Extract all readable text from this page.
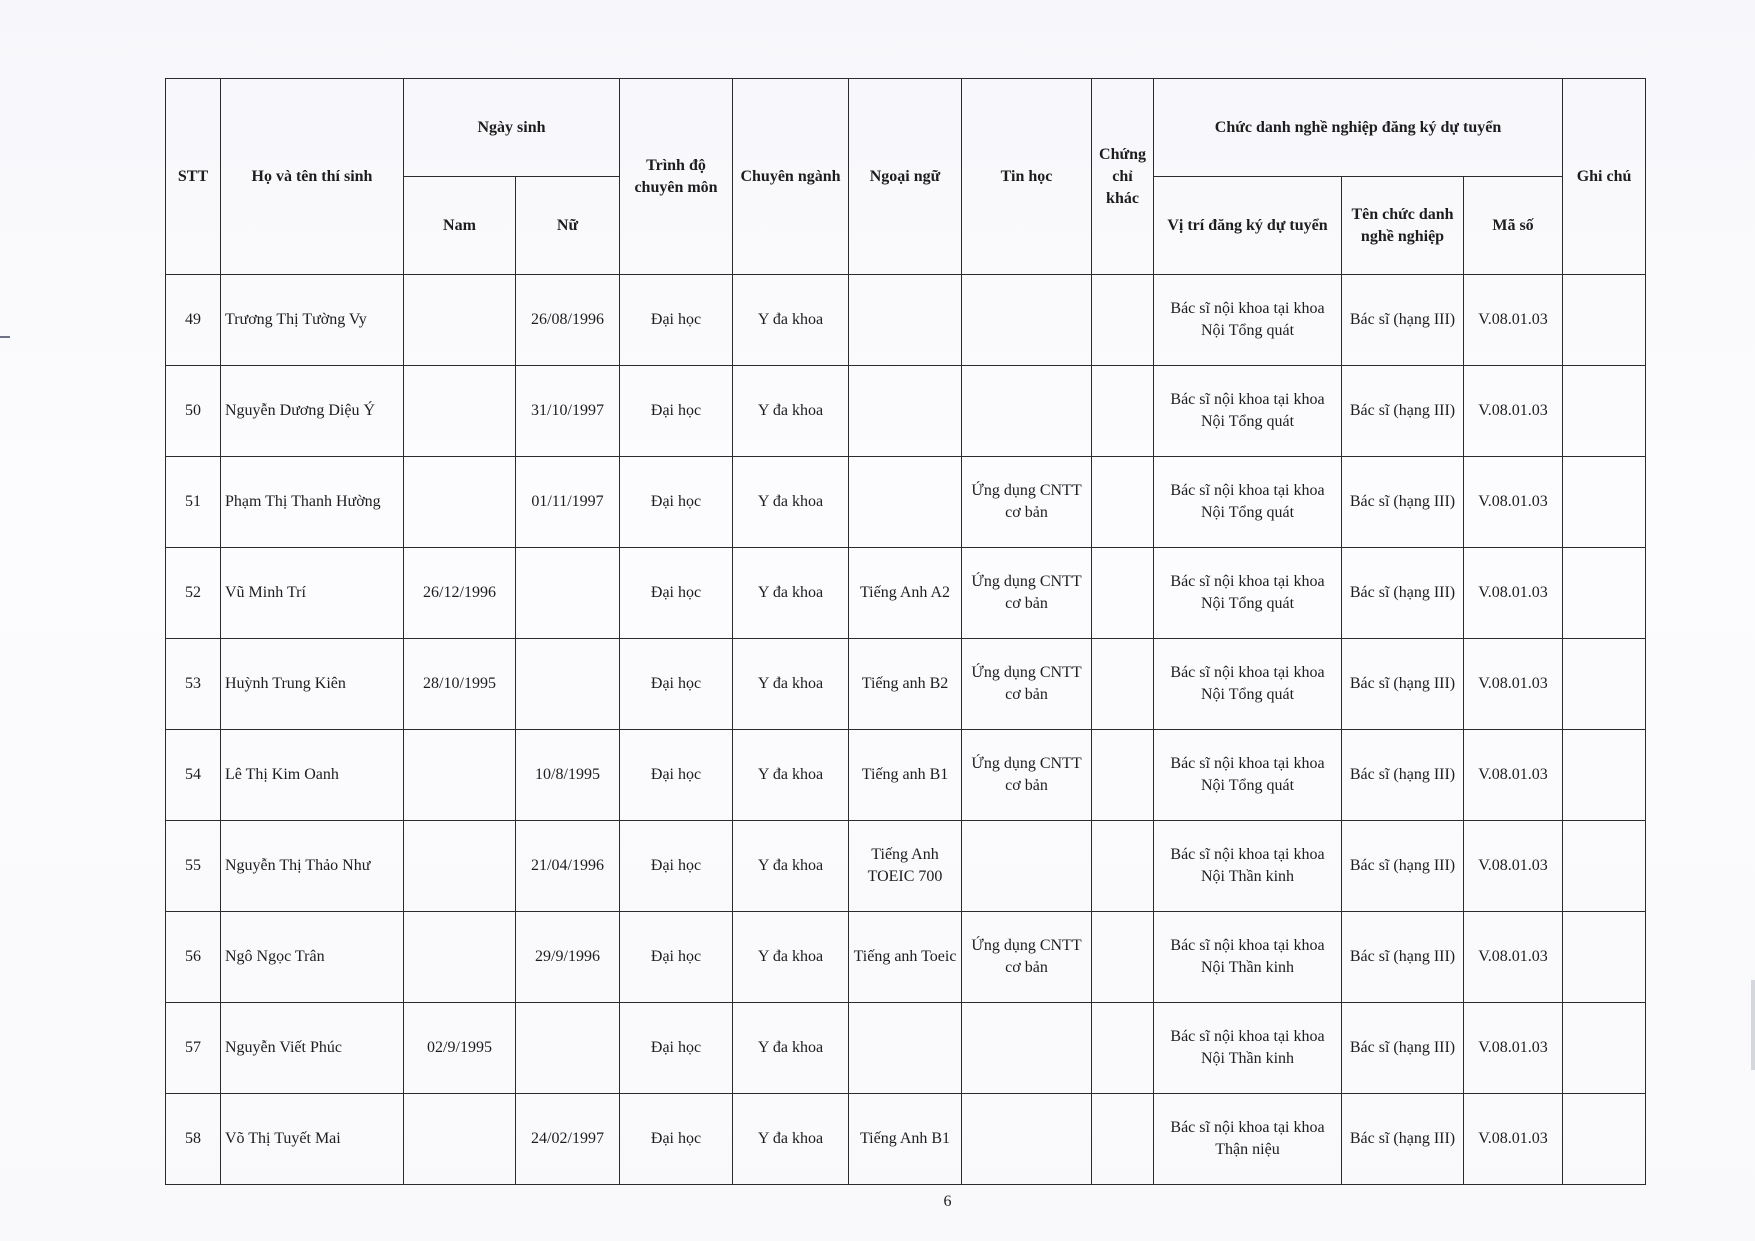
STT	Họ và tên thí sinh	Ngày sinh		Trình độ chuyên môn	Chuyên ngành	Ngoại ngữ	Tin học	Chứng chỉ khác	Chức danh nghề nghiệp đăng ký dự tuyển			Ghi chú
		Nam	Nữ						Vị trí đăng ký dự tuyển	Tên chức danh nghề nghiệp	Mã số	
49	Trương Thị Tường Vy		26/08/1996	Đại học	Y đa khoa				Bác sĩ nội khoa tại khoa Nội Tổng quát	Bác sĩ (hạng III)	V.08.01.03	
50	Nguyễn Dương Diệu Ý		31/10/1997	Đại học	Y đa khoa				Bác sĩ nội khoa tại khoa Nội Tổng quát	Bác sĩ (hạng III)	V.08.01.03	
51	Phạm Thị Thanh Hường		01/11/1997	Đại học	Y đa khoa		Ứng dụng CNTT cơ bản		Bác sĩ nội khoa tại khoa Nội Tổng quát	Bác sĩ (hạng III)	V.08.01.03	
52	Vũ Minh Trí	26/12/1996		Đại học	Y đa khoa	Tiếng Anh A2	Ứng dụng CNTT cơ bản		Bác sĩ nội khoa tại khoa Nội Tổng quát	Bác sĩ (hạng III)	V.08.01.03	
53	Huỳnh Trung Kiên	28/10/1995		Đại học	Y đa khoa	Tiếng anh B2	Ứng dụng CNTT cơ bản		Bác sĩ nội khoa tại khoa Nội Tổng quát	Bác sĩ (hạng III)	V.08.01.03	
54	Lê Thị Kim Oanh		10/8/1995	Đại học	Y đa khoa	Tiếng anh B1	Ứng dụng CNTT cơ bản		Bác sĩ nội khoa tại khoa Nội Tổng quát	Bác sĩ (hạng III)	V.08.01.03	
55	Nguyễn Thị Thảo Như		21/04/1996	Đại học	Y đa khoa	Tiếng Anh TOEIC 700			Bác sĩ nội khoa tại khoa Nội Thần kinh	Bác sĩ (hạng III)	V.08.01.03	
56	Ngô Ngọc Trân		29/9/1996	Đại học	Y đa khoa	Tiếng anh Toeic	Ứng dụng CNTT cơ bản		Bác sĩ nội khoa tại khoa Nội Thần kinh	Bác sĩ (hạng III)	V.08.01.03	
57	Nguyễn Viết Phúc	02/9/1995		Đại học	Y đa khoa				Bác sĩ nội khoa tại khoa Nội Thần kinh	Bác sĩ (hạng III)	V.08.01.03	
58	Võ Thị Tuyết Mai		24/02/1997	Đại học	Y đa khoa	Tiếng Anh B1			Bác sĩ nội khoa tại khoa Thận niệu	Bác sĩ (hạng III)	V.08.01.03	
6
